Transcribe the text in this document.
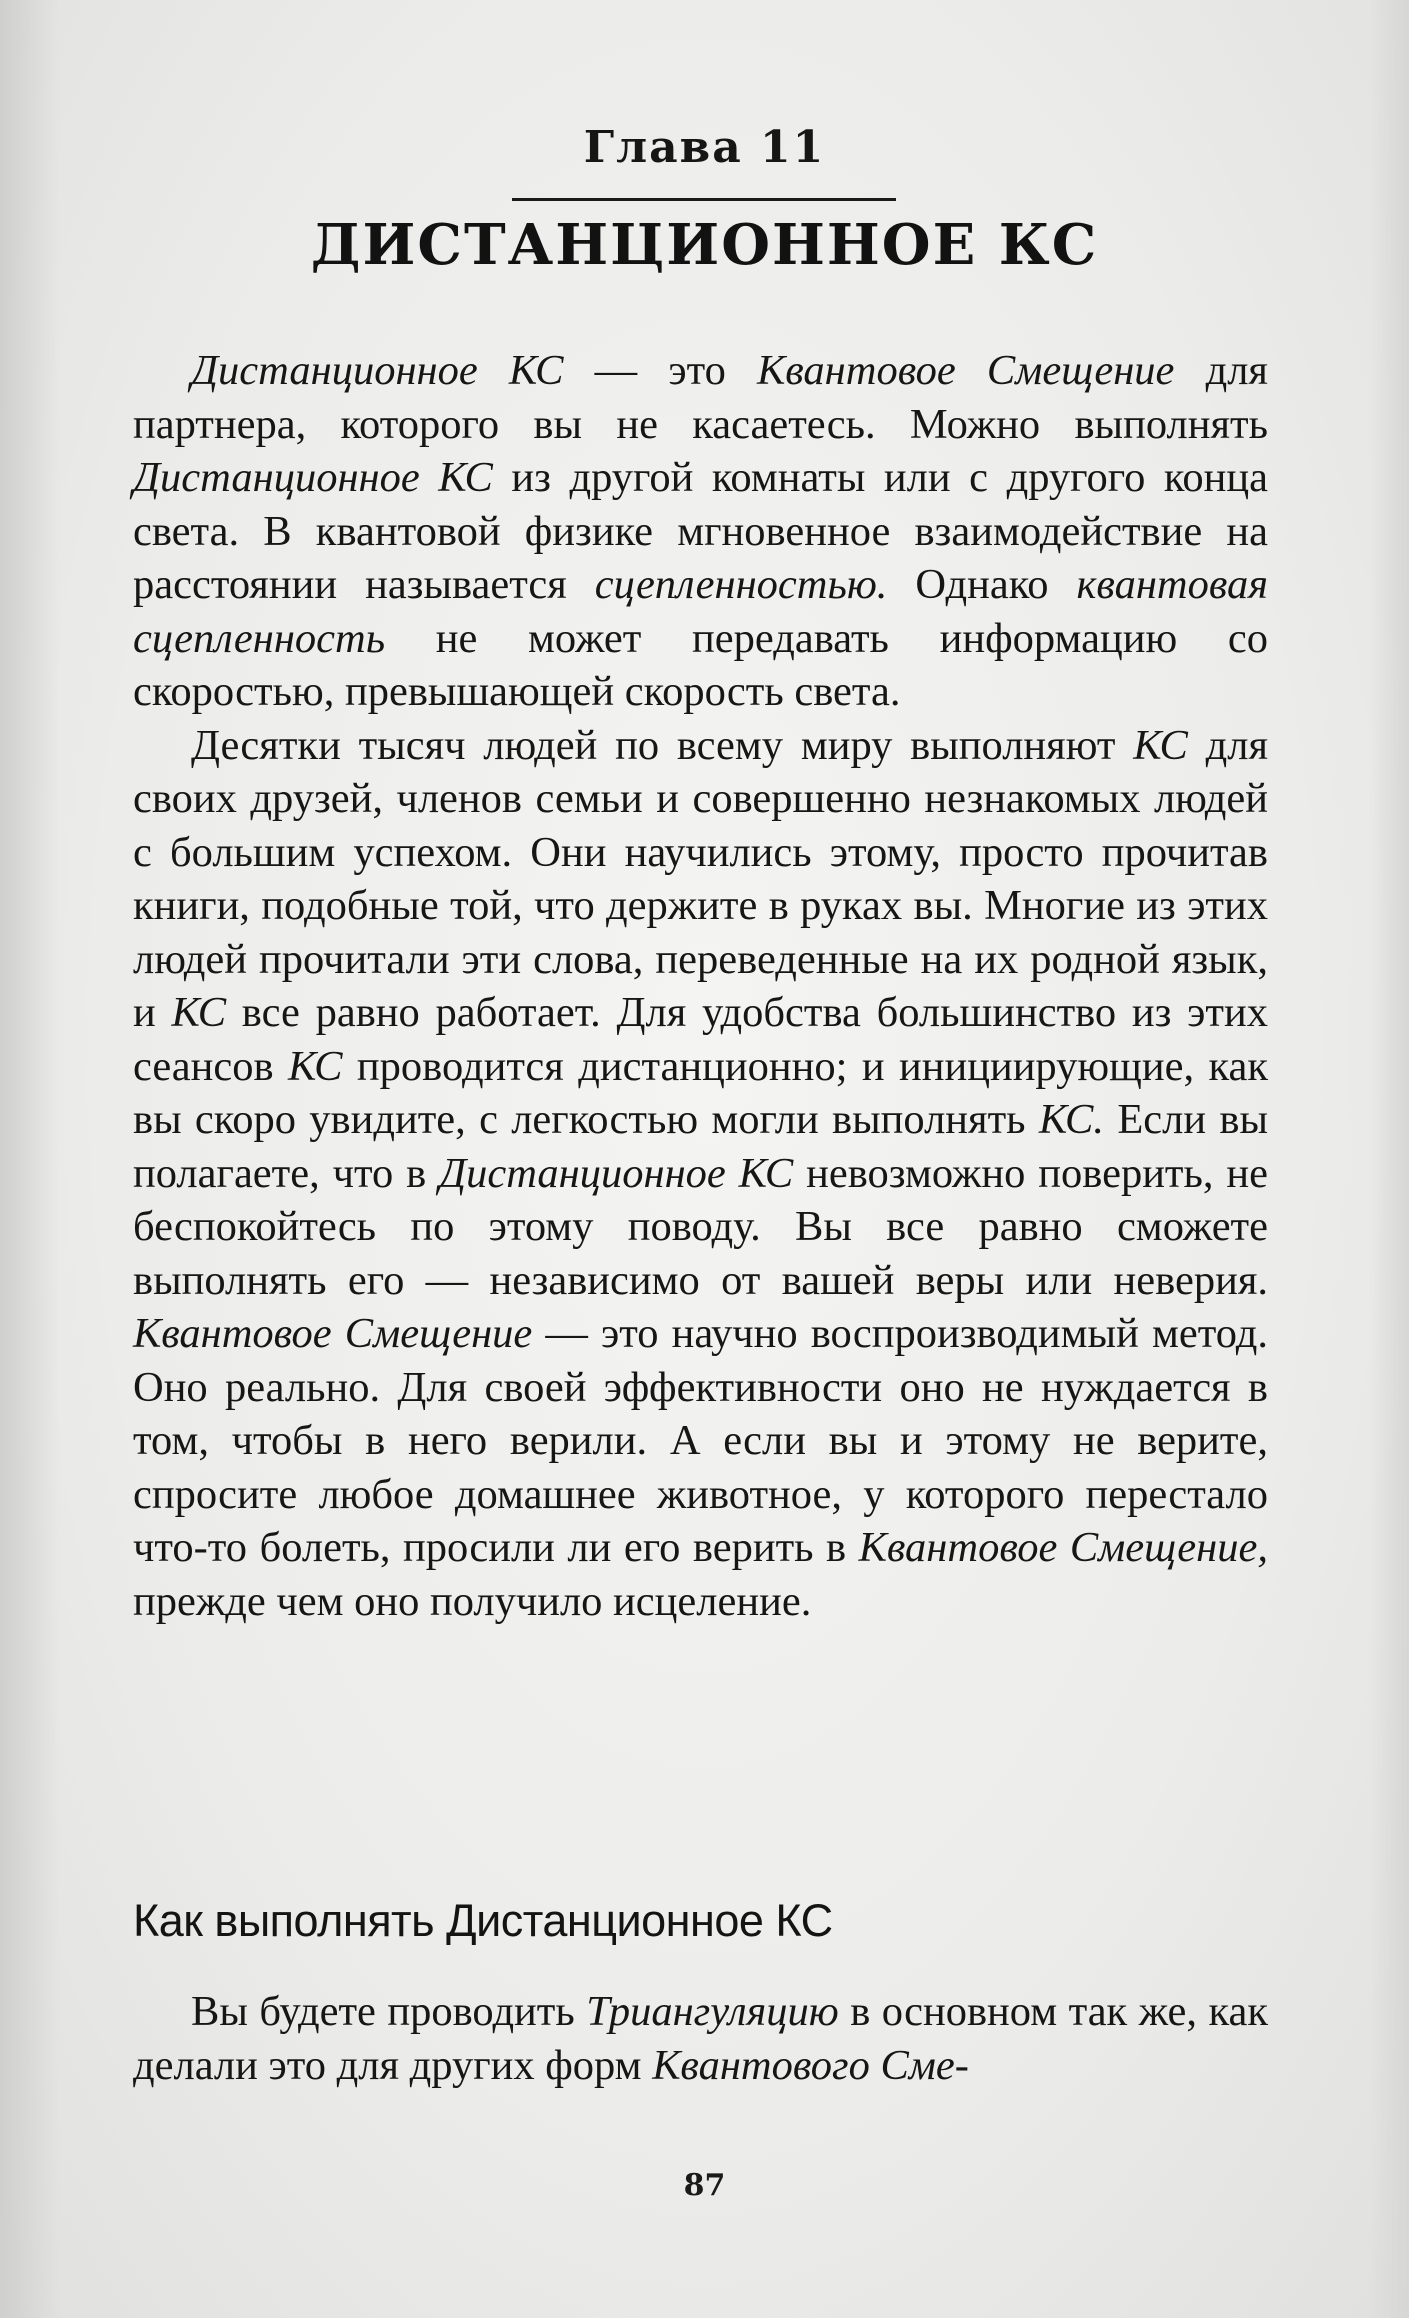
Глава 11
ДИСТАНЦИОННОЕ КС

Дистанционное КС — это Квантовое Смещение для партнера, которого вы не касаетесь. Можно выполнять Дистанционное КС из другой комнаты или с другого конца света. В квантовой физике мгновенное взаимодействие на расстоянии называется сцепленностью. Однако квантовая сцепленность не может передавать информацию со скоростью, превышающей скорость света.

Десятки тысяч людей по всему миру выполняют КС для своих друзей, членов семьи и совершенно незнакомых людей с большим успехом. Они научились этому, просто прочитав книги, подобные той, что держите в руках вы. Многие из этих людей прочитали эти слова, переведенные на их родной язык, и КС все равно работает. Для удобства большинство из этих сеансов КС проводится дистанционно; и инициирующие, как вы скоро увидите, с легкостью могли выполнять КС. Если вы полагаете, что в Дистанционное КС невозможно поверить, не беспокойтесь по этому поводу. Вы все равно сможете выполнять его — независимо от вашей веры или неверия. Квантовое Смещение — это научно воспроизводимый метод. Оно реально. Для своей эффективности оно не нуждается в том, чтобы в него верили. А если вы и этому не верите, спросите любое домашнее животное, у которого перестало что-то болеть, просили ли его верить в Квантовое Смещение, прежде чем оно получило исцеление.

Как выполнять Дистанционное КС

Вы будете проводить Триангуляцию в основном так же, как делали это для других форм Квантового Сме-

87
